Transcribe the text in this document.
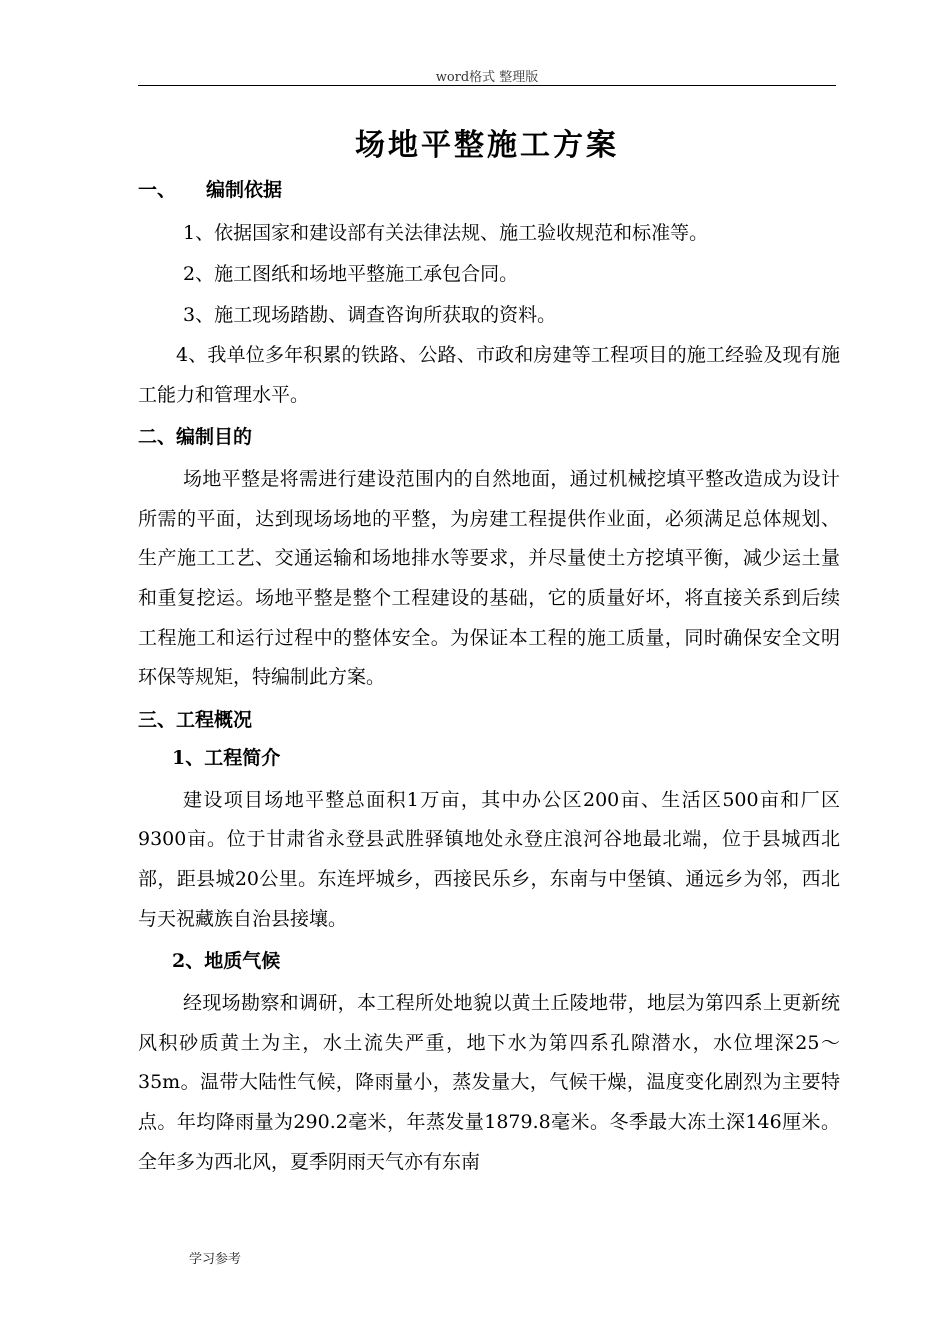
word格式 整理版
场地平整施工方案
一、 编制依据

1、依据国家和建设部有关法律法规、施工验收规范和标准等。

2、施工图纸和场地平整施工承包合同。

3、施工现场踏勘、调查咨询所获取的资料。

4、我单位多年积累的铁路、公路、市政和房建等工程项目的施工经验及现有施工能力和管理水平。

二、编制目的

场地平整是将需进行建设范围内的自然地面，通过机械挖填平整改造成为设计所需的平面，达到现场场地的平整，为房建工程提供作业面，必须满足总体规划、生产施工工艺、交通运输和场地排水等要求，并尽量使土方挖填平衡，减少运土量和重复挖运。场地平整是整个工程建设的基础，它的质量好坏，将直接关系到后续工程施工和运行过程中的整体安全。为保证本工程的施工质量，同时确保安全文明环保等规矩，特编制此方案。

三、工程概况
1、工程简介

建设项目场地平整总面积1万亩，其中办公区200亩、生活区500亩和厂区9300亩。位于甘肃省永登县武胜驿镇地处永登庄浪河谷地最北端，位于县城西北部，距县城20公里。东连坪城乡，西接民乐乡，东南与中堡镇、通远乡为邻，西北与天祝藏族自治县接壤。

2、地质气候

经现场勘察和调研，本工程所处地貌以黄土丘陵地带，地层为第四系上更新统风积砂质黄土为主，水土流失严重，地下水为第四系孔隙潜水，水位埋深25～35m。温带大陆性气候，降雨量小，蒸发量大，气候干燥，温度变化剧烈为主要特点。年均降雨量为290.2毫米，年蒸发量1879.8毫米。冬季最大冻土深146厘米。全年多为西北风，夏季阴雨天气亦有东南

学习参考
